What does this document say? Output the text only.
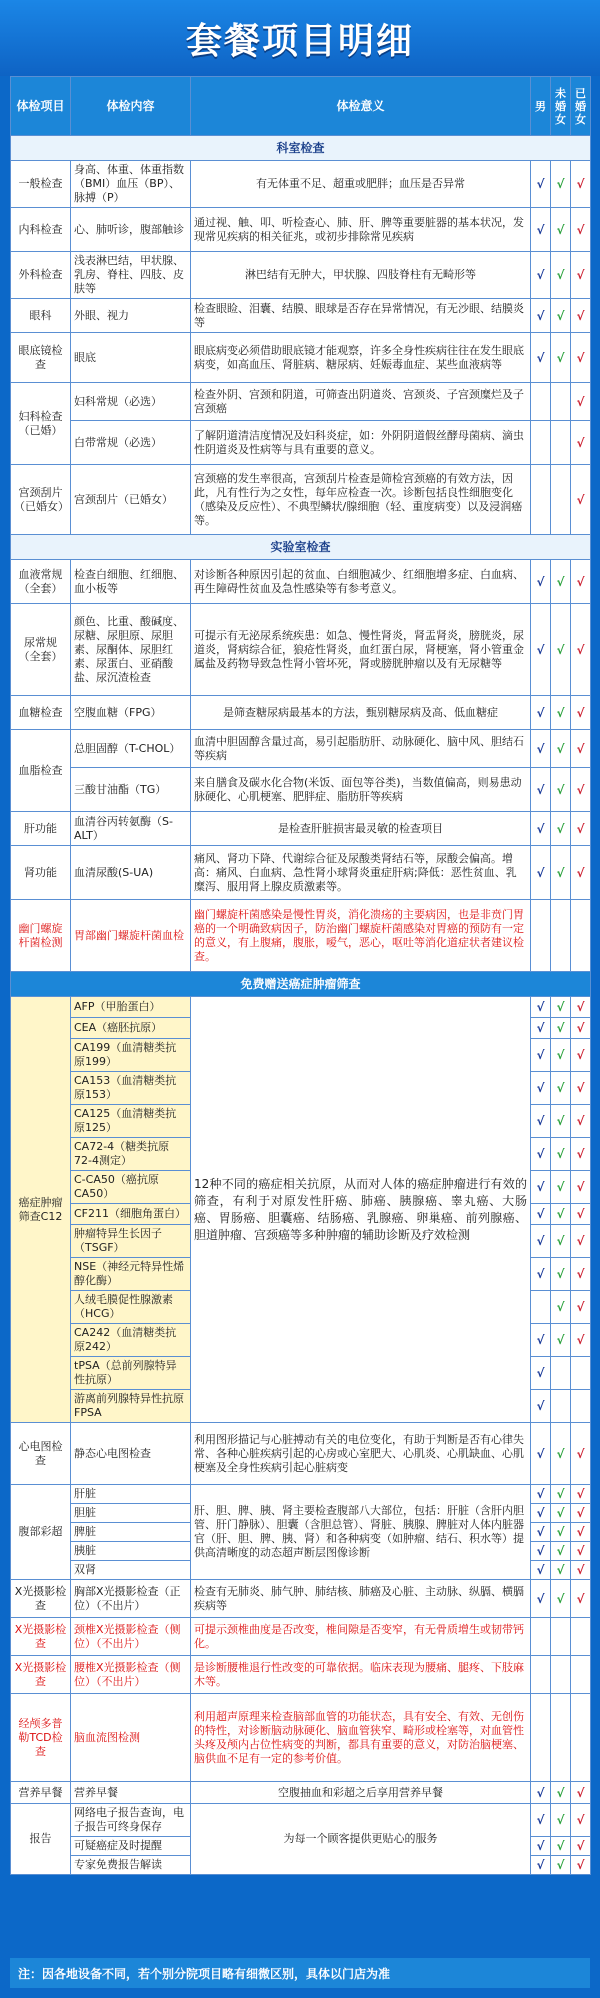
套餐项目明细
体检项目	体检内容	体检意义	男	未婚女	已婚女
科室检查					
一般检查	身高、体重、体重指数（BMI）血压（BP）、脉搏（P）	有无体重不足、超重或肥胖；血压是否异常	√	√	√
内科检查	心、肺听诊，腹部触诊	通过视、触、叩、听检查心、肺、肝、脾等重要脏器的基本状况，发现常见疾病的相关征兆，或初步排除常见疾病	√	√	√
外科检查	浅表淋巴结，甲状腺、乳房、脊柱、四肢、皮肤等	淋巴结有无肿大，甲状腺、四肢脊柱有无畸形等	√	√	√
眼科	外眼、视力	检查眼睑、泪囊、结膜、眼球是否存在异常情况，有无沙眼、结膜炎等	√	√	√
眼底镜检查	眼底	眼底病变必须借助眼底镜才能观察，许多全身性疾病往往在发生眼底病变，如高血压、肾脏病、糖尿病、妊娠毒血症、某些血液病等	√	√	√
妇科检查（已婚）	妇科常规（必选）	检查外阴、宫颈和阴道，可筛查出阴道炎、宫颈炎、子宫颈糜烂及子宫颈癌			√
	白带常规（必选）	了解阴道清洁度情况及妇科炎症，如：外阴阴道假丝酵母菌病、滴虫性阴道炎及性病等与具有重要的意义。			√
宫颈刮片（已婚女）	宫颈刮片（已婚女）	宫颈癌的发生率很高，宫颈刮片检查是筛检宫颈癌的有效方法，因此，凡有性行为之女性，每年应检查一次。诊断包括良性细胞变化（感染及反应性）、不典型鳞状/腺细胞（轻、重度病变）以及浸润癌等。			√
实验室检查					
血液常规（全套）	检查白细胞、红细胞、血小板等	对诊断各种原因引起的贫血、白细胞减少、红细胞增多症、白血病、再生障碍性贫血及急性感染等有参考意义。	√	√	√
尿常规（全套）	颜色、比重、酸碱度、尿糖、尿胆原、尿胆素、尿酮体、尿胆红素、尿蛋白、亚硝酸盐、尿沉渣检查	可提示有无泌尿系统疾患：如急、慢性肾炎，肾盂肾炎，膀胱炎，尿道炎，肾病综合征，狼疮性肾炎，血红蛋白尿，肾梗塞，肾小管重金属盐及药物导致急性肾小管坏死，肾或膀胱肿瘤以及有无尿糖等	√	√	√
血糖检查	空腹血糖（FPG）	是筛查糖尿病最基本的方法，甄别糖尿病及高、低血糖症	√	√	√
血脂检查	总胆固醇（T-CHOL）	血清中胆固醇含量过高，易引起脂肪肝、动脉硬化、脑中风、胆结石等疾病	√	√	√
	三酸甘油酯（TG）	来自膳食及碳水化合物(米饭、面包等谷类)，当数值偏高，则易患动脉硬化、心肌梗塞、肥胖症、脂肪肝等疾病	√	√	√
肝功能	血清谷丙转氨酶（S-ALT）	是检查肝脏损害最灵敏的检查项目	√	√	√
肾功能	血清尿酸(S-UA)	痛风、肾功下降、代谢综合征及尿酸类肾结石等，尿酸会偏高。增高：痛风、白血病、急性肾小球肾炎重症肝病;降低：恶性贫血、乳糜泻、服用肾上腺皮质激素等。	√	√	√
幽门螺旋杆菌检测	胃部幽门螺旋杆菌血检	幽门螺旋杆菌感染是慢性胃炎，消化溃疡的主要病因，也是非贲门胃癌的一个明确致病因子，防治幽门螺旋杆菌感染对胃癌的预防有一定的意义，有上腹痛，腹胀，嗳气，恶心，呕吐等消化道症状者建议检查。			
免费赠送癌症肿瘤筛查					
癌症肿瘤筛查C12	AFP（甲胎蛋白）	12种不同的癌症相关抗原，从而对人体的癌症肿瘤进行有效的筛查，有利于对原发性肝癌、肺癌、胰腺癌、睾丸癌、大肠癌、胃肠癌、胆囊癌、结肠癌、乳腺癌、卵巢癌、前列腺癌、胆道肿瘤、宫颈癌等多种肿瘤的辅助诊断及疗效检测	√	√	√
	CEA（癌胚抗原）		√	√	√
	CA199（血清糖类抗原199）		√	√	√
	CA153（血清糖类抗原153）		√	√	√
	CA125（血清糖类抗原125）		√	√	√
	CA72-4（糖类抗原72-4测定）		√	√	√
	C-CA50（癌抗原CA50）		√	√	√
	CF211（细胞角蛋白）		√	√	√
	肿瘤特异生长因子（TSGF）		√	√	√
	NSE（神经元特异性烯醇化酶）		√	√	√
	人绒毛膜促性腺激素（HCG）			√	√
	CA242（血清糖类抗原242）		√	√	√
	tPSA（总前列腺特异性抗原）		√		
	游离前列腺特异性抗原FPSA		√		
心电图检查	静态心电图检查	利用图形描记与心脏搏动有关的电位变化，有助于判断是否有心律失常、各种心脏疾病引起的心房或心室肥大、心肌炎、心肌缺血、心肌梗塞及全身性疾病引起心脏病变	√	√	√
腹部彩超	肝脏	肝、胆、脾、胰、肾主要检查腹部八大部位，包括：肝脏（含肝内胆管、肝门静脉）、胆囊（含胆总管）、肾脏、胰腺、脾脏对人体内脏器官（肝、胆、脾、胰、肾）和各种病变（如肿瘤、结石、积水等）提供高清晰度的动态超声断层图像诊断	√	√	√
	胆脏		√	√	√
	脾脏		√	√	√
	胰脏		√	√	√
	双肾		√	√	√
X光摄影检查	胸部X光摄影检查（正位）（不出片）	检查有无肺炎、肺气肿、肺结核、肺癌及心脏、主动脉、纵膈、横膈疾病等	√	√	√
X光摄影检查	颈椎X光摄影检查（侧位）（不出片）	可提示颈椎曲度是否改变，椎间隙是否变窄，有无骨质增生或韧带钙化。			
X光摄影检查	腰椎X光摄影检查（侧位）（不出片）	是诊断腰椎退行性改变的可靠依据。临床表现为腰痛、腿疼、下肢麻木等。			
经颅多普勒TCD检查	脑血流图检测	利用超声原理来检查脑部血管的功能状态，具有安全、有效、无创伤的特性，对诊断脑动脉硬化、脑血管狭窄、畸形或栓塞等，对血管性头疼及颅内占位性病变的判断，都具有重要的意义，对防治脑梗塞、脑供血不足有一定的参考价值。			
营养早餐	营养早餐	空腹抽血和彩超之后享用营养早餐	√	√	√
报告	网络电子报告查询，电子报告可终身保存	为每一个顾客提供更贴心的服务	√	√	√
	可疑癌症及时提醒		√	√	√
	专家免费报告解读		√	√	√
注：因各地设备不同，若个别分院项目略有细微区别，具体以门店为准
